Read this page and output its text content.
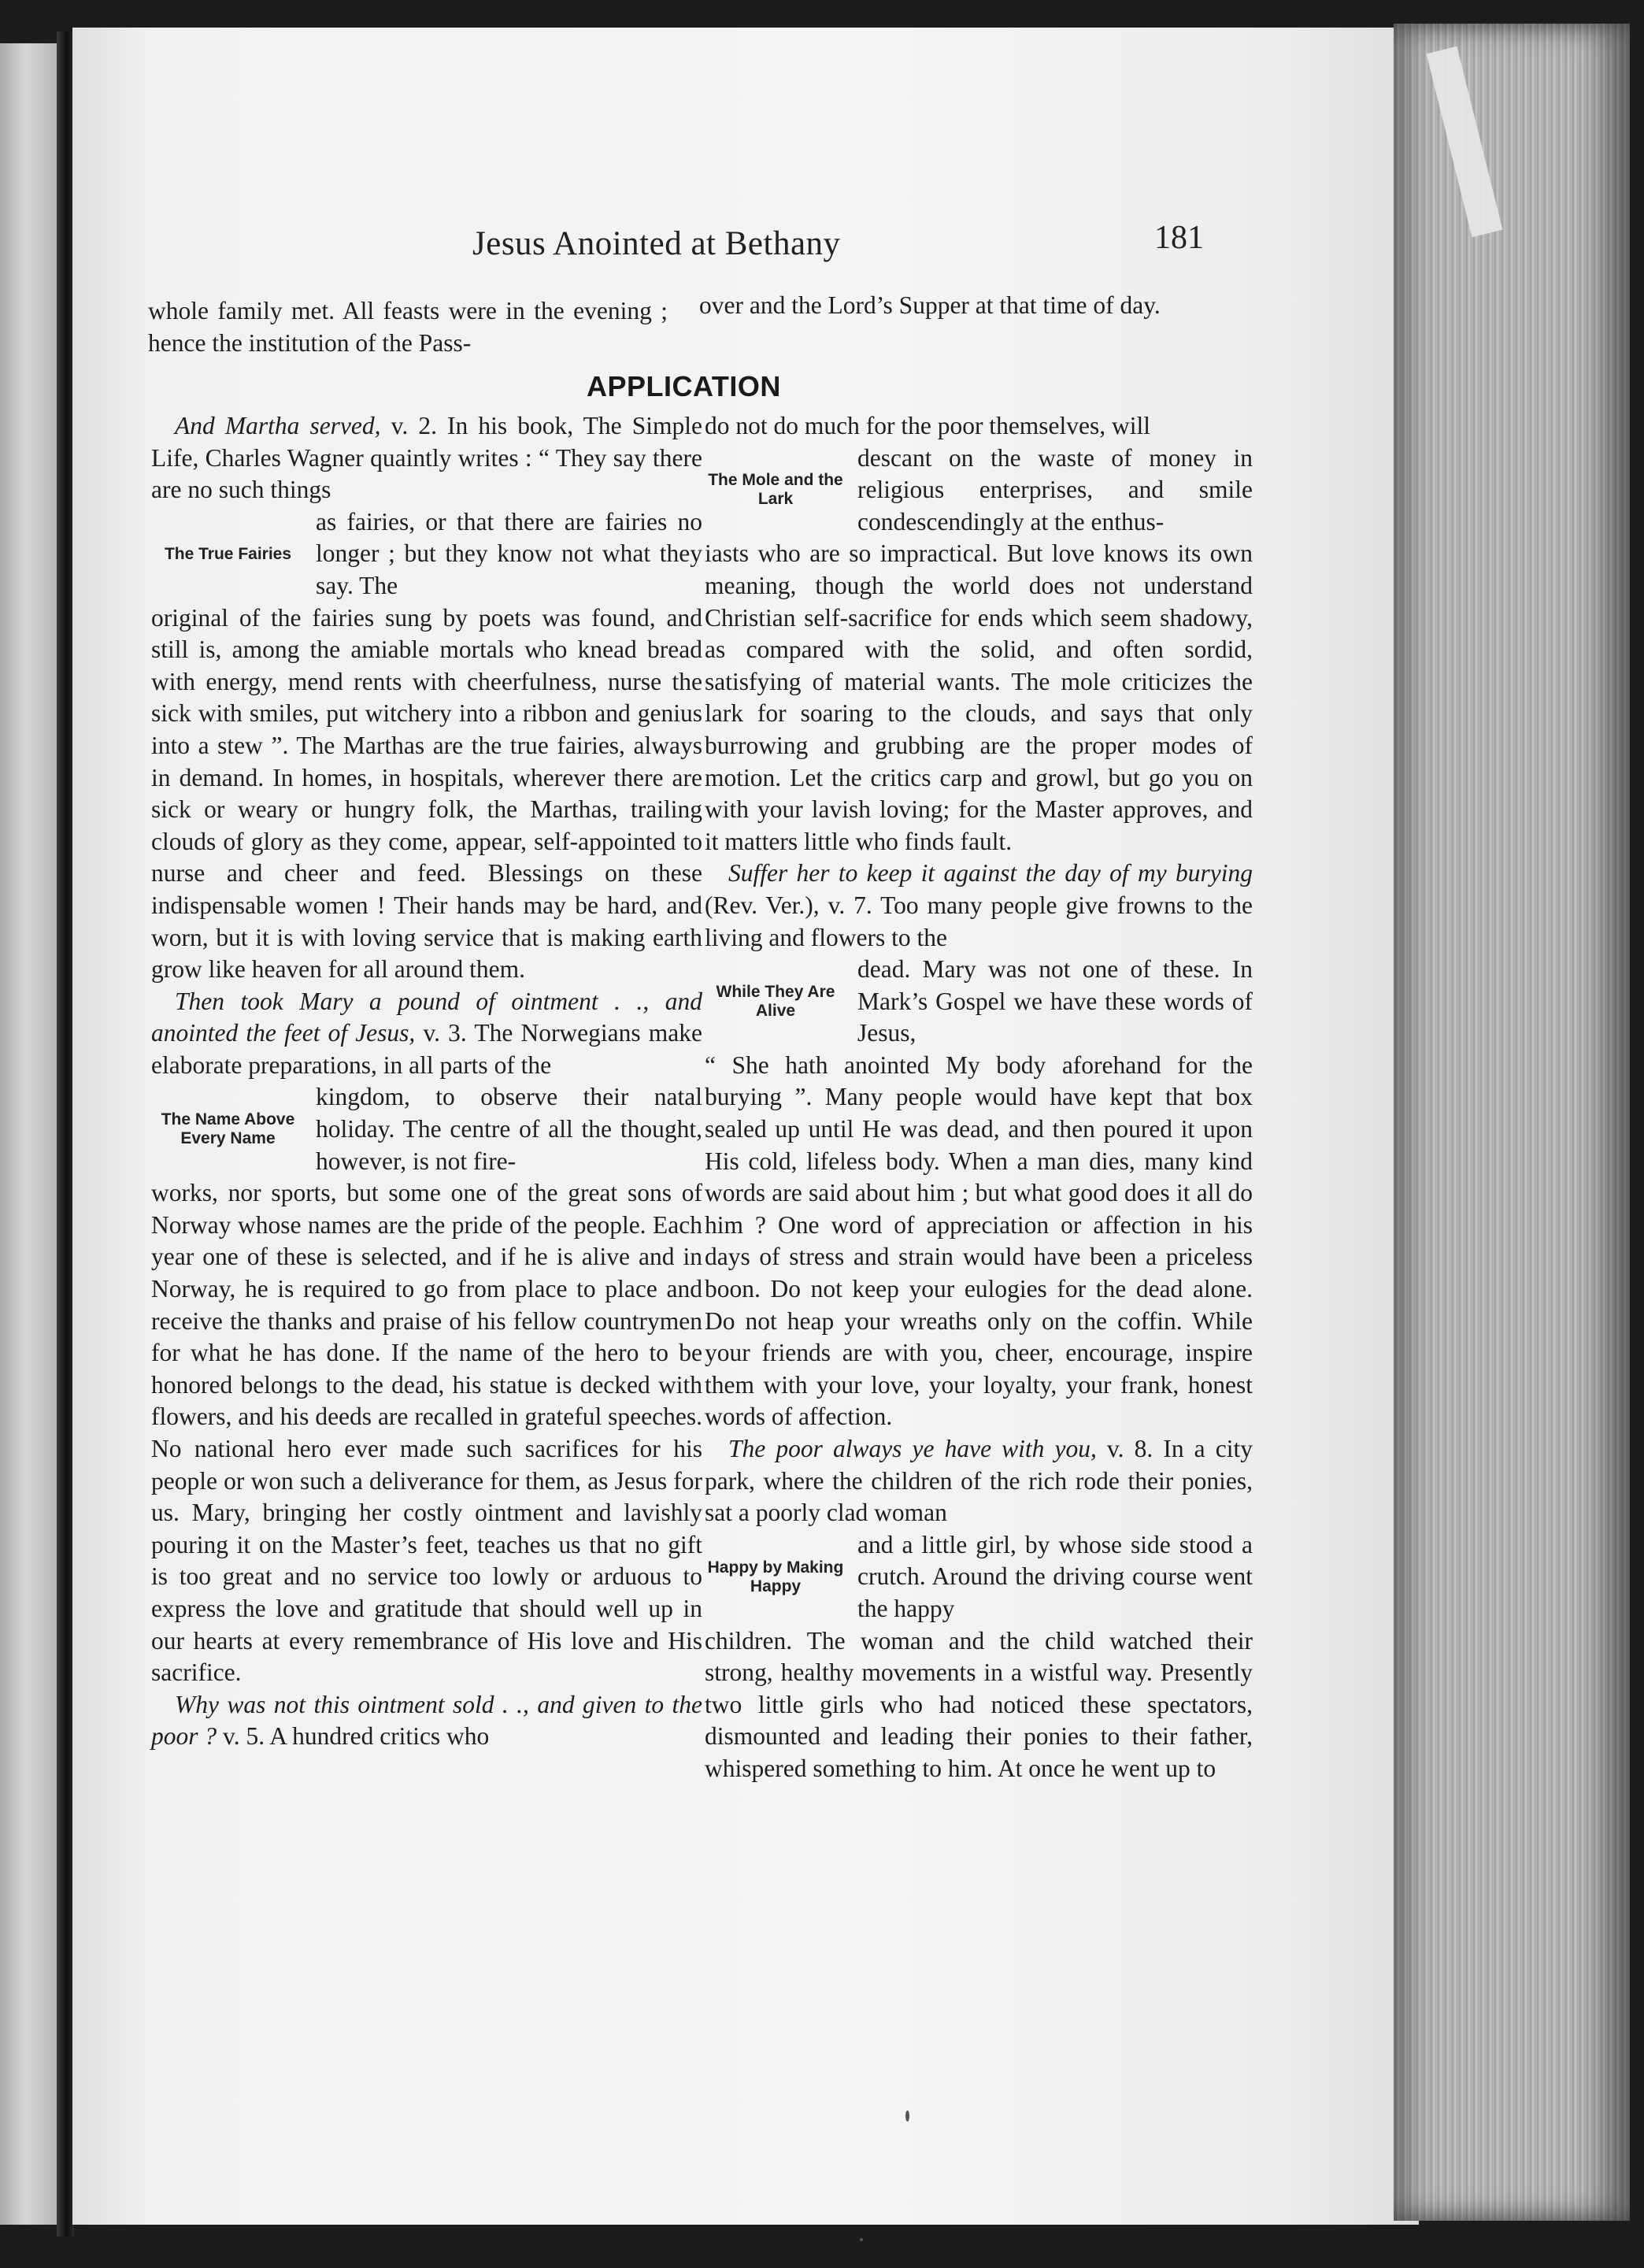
Jesus Anointed at Bethany	181

whole family met. All feasts were in the evening ; hence the institution of the Pass-

over and the Lord’s Supper at that time of day.

APPLICATION

And Martha served, v. 2. In his book, The Simple Life, Charles Wagner quaintly writes : “ They say there are no such things

The True Fairies
as fairies, or that there are fairies no longer ; but they know not what they say. The

original of the fairies sung by poets was found, and still is, among the amiable mortals who knead bread with energy, mend rents with cheerfulness, nurse the sick with smiles, put witchery into a ribbon and genius into a stew ”. The Marthas are the true fairies, always in demand. In homes, in hospitals, wherever there are sick or weary or hungry folk, the Marthas, trailing clouds of glory as they come, appear, self-appointed to nurse and cheer and feed. Blessings on these indispensable women ! Their hands may be hard, and worn, but it is with loving service that is making earth grow like heaven for all around them.

Then took Mary a pound of ointment . ., and anointed the feet of Jesus, v. 3. The Norwegians make elaborate preparations, in all parts of the

The Name Above Every Name
kingdom, to observe their natal holiday. The centre of all the thought, however, is not fire-

works, nor sports, but some one of the great sons of Norway whose names are the pride of the people. Each year one of these is selected, and if he is alive and in Norway, he is required to go from place to place and receive the thanks and praise of his fellow countrymen for what he has done. If the name of the hero to be honored belongs to the dead, his statue is decked with flowers, and his deeds are recalled in grateful speeches. No national hero ever made such sacrifices for his people or won such a deliverance for them, as Jesus for us. Mary, bringing her costly ointment and lavishly pouring it on the Master’s feet, teaches us that no gift is too great and no service too lowly or arduous to express the love and gratitude that should well up in our hearts at every remembrance of His love and His sacrifice.

Why was not this ointment sold . ., and given to the poor ? v. 5. A hundred critics who

do not do much for the poor themselves, will

The Mole and the Lark
descant on the waste of money in religious enterprises, and smile condescendingly at the enthus-

iasts who are so impractical. But love knows its own meaning, though the world does not understand Christian self-sacrifice for ends which seem shadowy, as compared with the solid, and often sordid, satisfying of material wants. The mole criticizes the lark for soaring to the clouds, and says that only burrowing and grubbing are the proper modes of motion. Let the critics carp and growl, but go you on with your lavish loving; for the Master approves, and it matters little who finds fault.

Suffer her to keep it against the day of my burying (Rev. Ver.), v. 7. Too many people give frowns to the living and flowers to the

While They Are Alive
dead. Mary was not one of these. In Mark’s Gospel we have these words of Jesus,

“ She hath anointed My body aforehand for the burying ”. Many people would have kept that box sealed up until He was dead, and then poured it upon His cold, lifeless body. When a man dies, many kind words are said about him ; but what good does it all do him ? One word of appreciation or affection in his days of stress and strain would have been a priceless boon. Do not keep your eulogies for the dead alone. Do not heap your wreaths only on the coffin. While your friends are with you, cheer, encourage, inspire them with your love, your loyalty, your frank, honest words of affection.

The poor always ye have with you, v. 8. In a city park, where the children of the rich rode their ponies, sat a poorly clad woman

Happy by Making Happy
and a little girl, by whose side stood a crutch. Around the driving course went the happy

children. The woman and the child watched their strong, healthy movements in a wistful way. Presently two little girls who had noticed these spectators, dismounted and leading their ponies to their father, whispered something to him. At once he went up to
